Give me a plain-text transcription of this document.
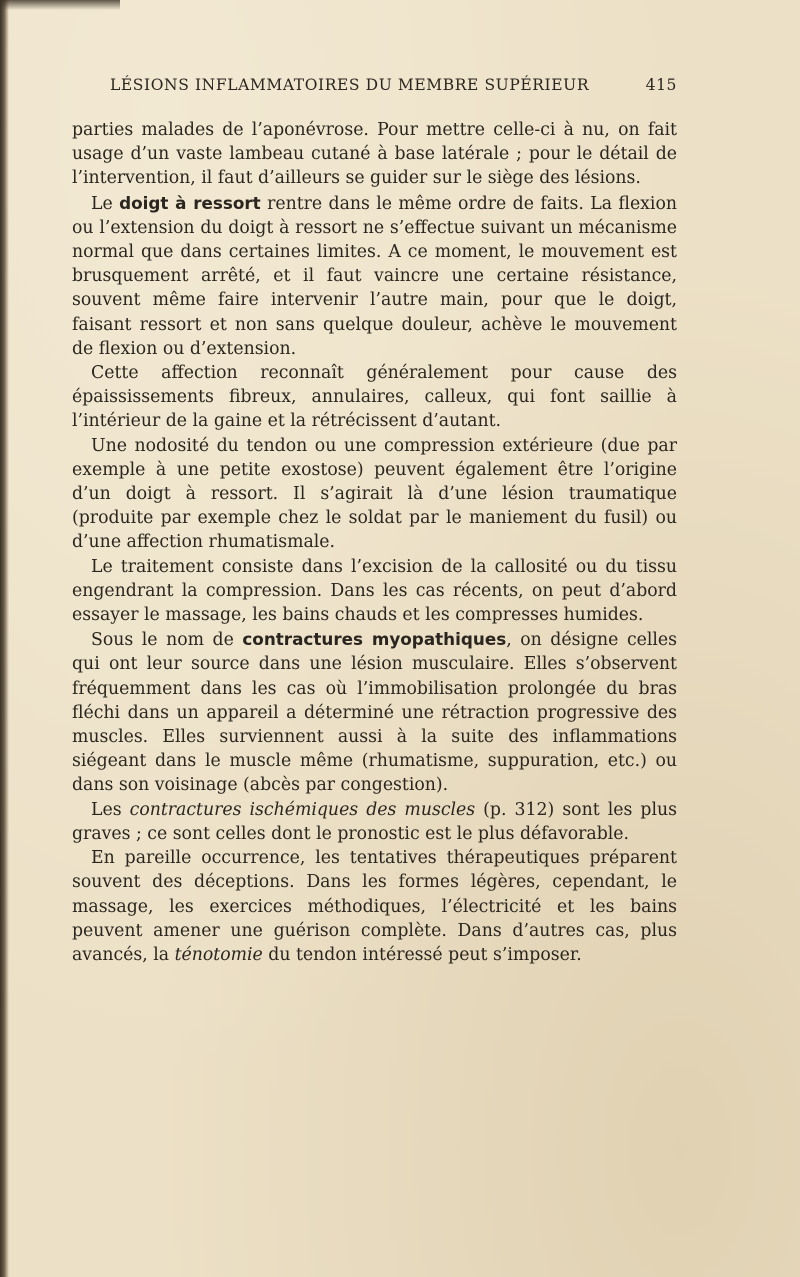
LÉSIONS INFLAMMATOIRES DU MEMBRE SUPÉRIEUR	415

parties malades de l’aponévrose. Pour mettre celle-ci à nu, on fait usage d’un vaste lambeau cutané à base latérale ; pour le détail de l’intervention, il faut d’ailleurs se guider sur le siège des lésions.

Le doigt à ressort rentre dans le même ordre de faits. La flexion ou l’extension du doigt à ressort ne s’effectue suivant un mécanisme normal que dans certaines limites. A ce moment, le mouvement est brusquement arrêté, et il faut vaincre une certaine résistance, souvent même faire intervenir l’autre main, pour que le doigt, faisant ressort et non sans quelque douleur, achève le mouvement de flexion ou d’extension.

Cette affection reconnaît généralement pour cause des épaississements fibreux, annulaires, calleux, qui font saillie à l’intérieur de la gaine et la rétrécissent d’autant.

Une nodosité du tendon ou une compression extérieure (due par exemple à une petite exostose) peuvent également être l’origine d’un doigt à ressort. Il s’agirait là d’une lésion traumatique (produite par exemple chez le soldat par le maniement du fusil) ou d’une affection rhumatismale.

Le traitement consiste dans l’excision de la callosité ou du tissu engendrant la compression. Dans les cas récents, on peut d’abord essayer le massage, les bains chauds et les compresses humides.

Sous le nom de contractures myopathiques, on désigne celles qui ont leur source dans une lésion musculaire. Elles s’observent fréquemment dans les cas où l’immobilisation prolongée du bras fléchi dans un appareil a déterminé une rétraction progressive des muscles. Elles surviennent aussi à la suite des inflammations siégeant dans le muscle même (rhumatisme, suppuration, etc.) ou dans son voisinage (abcès par congestion).

Les contractures ischémiques des muscles (p. 312) sont les plus graves ; ce sont celles dont le pronostic est le plus défavorable.

En pareille occurrence, les tentatives thérapeutiques préparent souvent des déceptions. Dans les formes légères, cependant, le massage, les exercices méthodiques, l’électricité et les bains peuvent amener une guérison complète. Dans d’autres cas, plus avancés, la ténotomie du tendon intéressé peut s’imposer.
